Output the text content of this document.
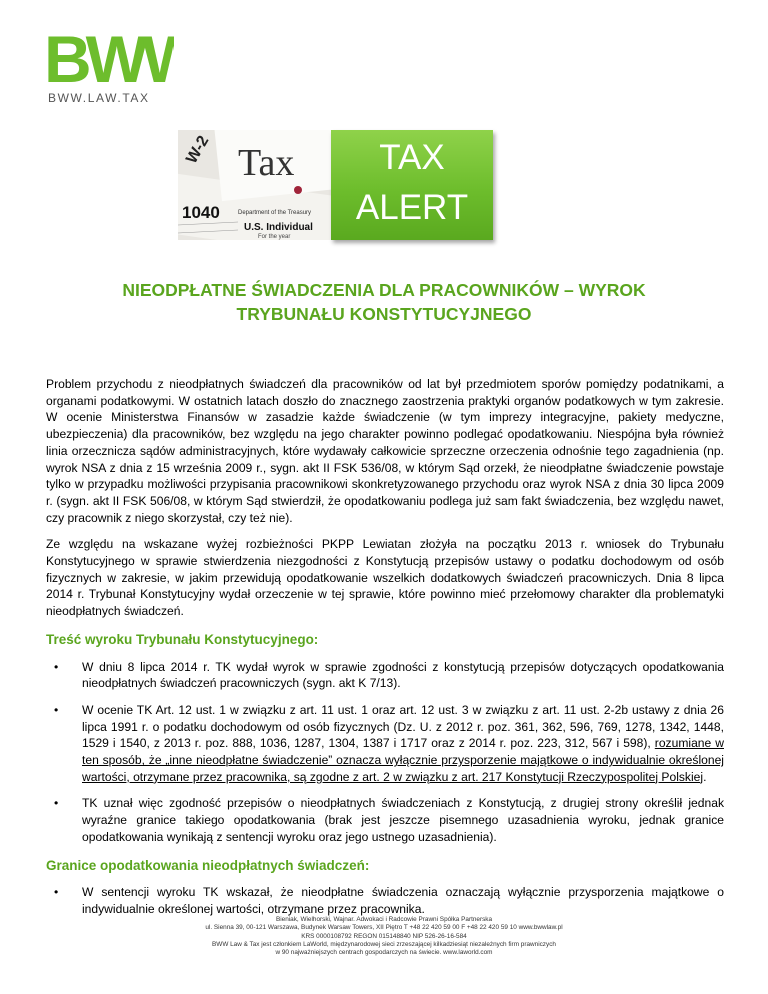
BWW
BWW.LAW.TAX
W-2 Tax
1040	Department of the Treasury
U.S. Individual
For the year
TAX
ALERT
NIEODPŁATNE ŚWIADCZENIA DLA PRACOWNIKÓW – WYROK
TRYBUNAŁU KONSTYTUCYJNEGO

Problem przychodu z nieodpłatnych świadczeń dla pracowników od lat był przedmiotem sporów pomiędzy podatnikami, a organami podatkowymi. W ostatnich latach doszło do znacznego zaostrzenia praktyki organów podatkowych w tym zakresie. W ocenie Ministerstwa Finansów w zasadzie każde świadczenie (w tym imprezy integracyjne, pakiety medyczne, ubezpieczenia) dla pracowników, bez względu na jego charakter powinno podlegać opodatkowaniu. Niespójna była również linia orzecznicza sądów administracyjnych, które wydawały całkowicie sprzeczne orzeczenia odnośnie tego zagadnienia (np. wyrok NSA z dnia z 15 września 2009 r., sygn. akt II FSK 536/08, w którym Sąd orzekł, że nieodpłatne świadczenie powstaje tylko w przypadku możliwości przypisania pracownikowi skonkretyzowanego przychodu oraz wyrok NSA z dnia 30 lipca 2009 r. (sygn. akt II FSK 506/08, w którym Sąd stwierdził, że opodatkowaniu podlega już sam fakt świadczenia, bez względu nawet, czy pracownik z niego skorzystał, czy też nie).

Ze względu na wskazane wyżej rozbieżności PKPP Lewiatan złożyła na początku 2013 r. wniosek do Trybunału Konstytucyjnego w sprawie stwierdzenia niezgodności z Konstytucją przepisów ustawy o podatku dochodowym od osób fizycznych w zakresie, w jakim przewidują opodatkowanie wszelkich dodatkowych świadczeń pracowniczych. Dnia 8 lipca 2014 r. Trybunał Konstytucyjny wydał orzeczenie w tej sprawie, które powinno mieć przełomowy charakter dla problematyki nieodpłatnych świadczeń.

Treść wyroku Trybunału Konstytucyjnego:
• W dniu 8 lipca 2014 r. TK wydał wyrok w sprawie zgodności z konstytucją przepisów dotyczących opodatkowania nieodpłatnych świadczeń pracowniczych (sygn. akt K 7/13).
• W ocenie TK Art. 12 ust. 1 w związku z art. 11 ust. 1 oraz art. 12 ust. 3 w związku z art. 11 ust. 2-2b ustawy z dnia 26 lipca 1991 r. o podatku dochodowym od osób fizycznych (Dz. U. z 2012 r. poz. 361, 362, 596, 769, 1278, 1342, 1448, 1529 i 1540, z 2013 r. poz. 888, 1036, 1287, 1304, 1387 i 1717 oraz z 2014 r. poz. 223, 312, 567 i 598), rozumiane w ten sposób, że „inne nieodpłatne świadczenie” oznacza wyłącznie przysporzenie majątkowe o indywidualnie określonej wartości, otrzymane przez pracownika, są zgodne z art. 2 w związku z art. 217 Konstytucji Rzeczypospolitej Polskiej.
• TK uznał więc zgodność przepisów o nieodpłatnych świadczeniach z Konstytucją, z drugiej strony określił jednak wyraźne granice takiego opodatkowania (brak jest jeszcze pisemnego uzasadnienia wyroku, jednak granice opodatkowania wynikają z sentencji wyroku oraz jego ustnego uzasadnienia).
Granice opodatkowania nieodpłatnych świadczeń:
• W sentencji wyroku TK wskazał, że nieodpłatne świadczenia oznaczają wyłącznie przysporzenia majątkowe o indywidualnie określonej wartości, otrzymane przez pracownika.
Bieniak, Wielhorski, Wajnar. Adwokaci i Radcowie Prawni Spółka Partnerska
ul. Sienna 39, 00-121 Warszawa, Budynek Warsaw Towers, XII Piętro T +48 22 420 59 00 F +48 22 420 59 10 www.bwwlaw.pl
KRS 0000108792 REGON 015148840 NIP 526-26-16-584
BWW Law & Tax jest członkiem LaWorld, międzynarodowej sieci zrzeszającej kilkadziesiąt niezależnych firm prawniczych
w 90 najważniejszych centrach gospodarczych na świecie. www.laworld.com
